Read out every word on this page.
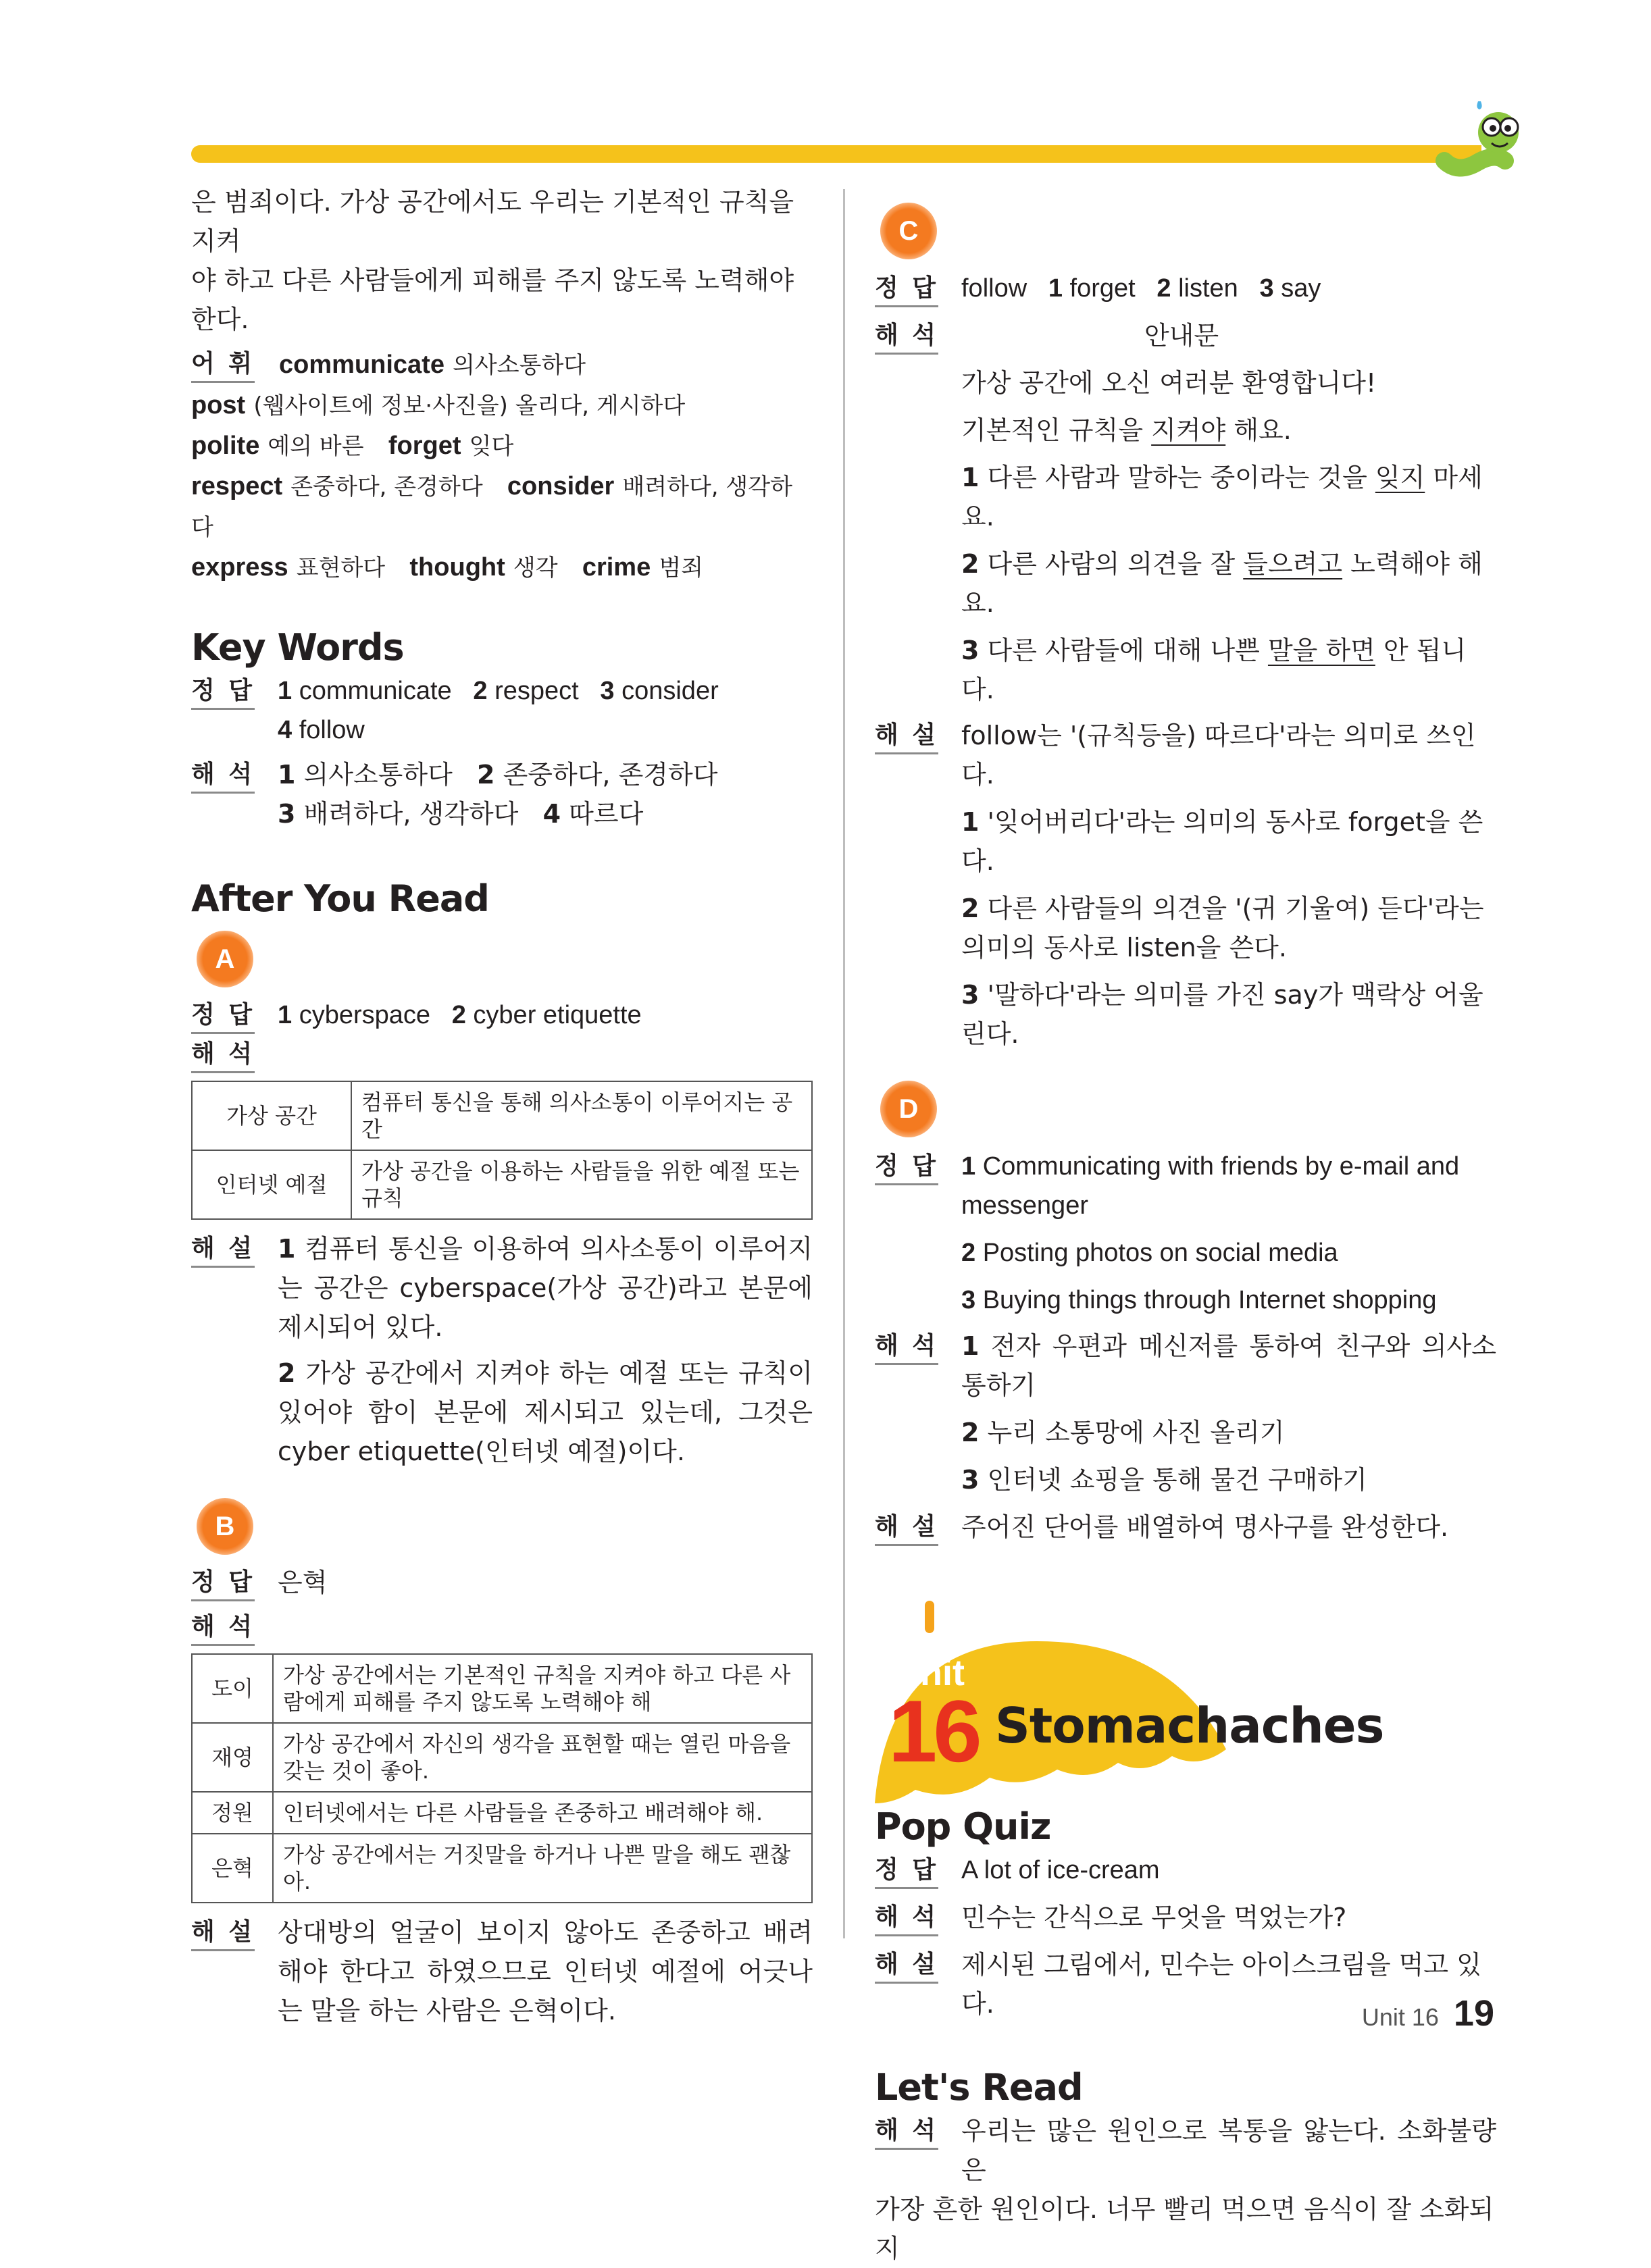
은 범죄이다. 가상 공간에서도 우리는 기본적인 규칙을 지켜

야 하고 다른 사람들에게 피해를 주지 않도록 노력해야 한다.

어 휘 communicate 의사소통하다

post (웹사이트에 정보·사진을) 올리다, 게시하다

polite 예의 바른 forget 잊다

respect 존중하다, 존경하다 consider 배려하다, 생각하다

express 표현하다 thought 생각 crime 범죄

Key Words
정 답 1 communicate 2 respect 3 consider
4 follow
해 석 1 의사소통하다 2 존중하다, 존경하다
3 배려하다, 생각하다 4 따르다
After You Read
A
정 답 1 cyberspace 2 cyber etiquette
해 석
가상 공간	컴퓨터 통신을 통해 의사소통이 이루어지는 공간
인터넷 예절	가상 공간을 이용하는 사람들을 위한 예절 또는 규칙
해 설 1 컴퓨터 통신을 이용하여 의사소통이 이루어지는 공간은 cyberspace(가상 공간)라고 본문에 제시되어 있다.

2 가상 공간에서 지켜야 하는 예절 또는 규칙이 있어야 함이 본문에 제시되고 있는데, 그것은 cyber etiquette(인터넷 예절)이다.

B
정 답 은혁
해 석
도이	가상 공간에서는 기본적인 규칙을 지켜야 하고 다른 사람에게 피해를 주지 않도록 노력해야 해
재영	가상 공간에서 자신의 생각을 표현할 때는 열린 마음을 갖는 것이 좋아.
정원	인터넷에서는 다른 사람들을 존중하고 배려해야 해.
은혁	가상 공간에서는 거짓말을 하거나 나쁜 말을 해도 괜찮아.
해 설 상대방의 얼굴이 보이지 않아도 존중하고 배려해야 한다고 하였으므로 인터넷 예절에 어긋나는 말을 하는 사람은 은혁이다.

C
정 답 follow 1 forget 2 listen 3 say
해 석	안내문

가상 공간에 오신 여러분 환영합니다!

기본적인 규칙을 지켜야 해요.

1 다른 사람과 말하는 중이라는 것을 잊지 마세요.

2 다른 사람의 의견을 잘 들으려고 노력해야 해요.

3 다른 사람들에 대해 나쁜 말을 하면 안 됩니다.

해 설 follow는 '(규칙등을) 따르다'라는 의미로 쓰인다.

1 '잊어버리다'라는 의미의 동사로 forget을 쓴다.

2 다른 사람들의 의견을 '(귀 기울여) 듣다'라는 의미의 동사로 listen을 쓴다.

3 '말하다'라는 의미를 가진 say가 맥락상 어울린다.

D
정 답 1 Communicating with friends by e-mail and messenger

2 Posting photos on social media

3 Buying things through Internet shopping

해 석 1 전자 우편과 메신저를 통하여 친구와 의사소통하기

2 누리 소통망에 사진 올리기

3 인터넷 쇼핑을 통해 물건 구매하기

해 설 주어진 단어를 배열하여 명사구를 완성한다.
Unit
16 Stomachaches
Pop Quiz
정 답 A lot of ice-cream
해 석 민수는 간식으로 무엇을 먹었는가?
해 설 제시된 그림에서, 민수는 아이스크림을 먹고 있다.
Let's Read
해 석 우리는 많은 원인으로 복통을 앓는다. 소화불량은

가장 흔한 원인이다. 너무 빨리 먹으면 음식이 잘 소화되지

Unit 16 19
